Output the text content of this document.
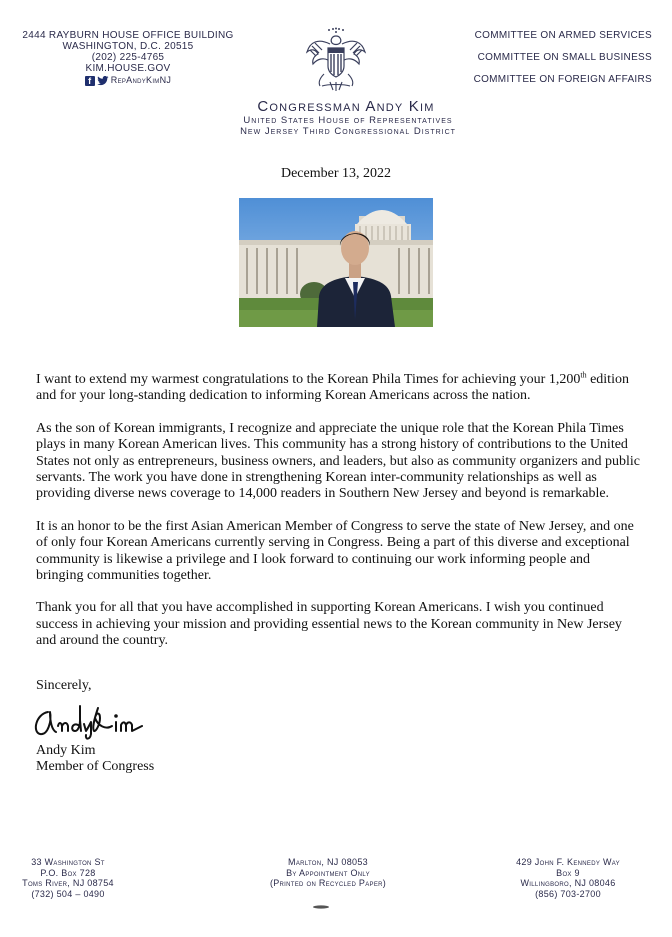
2444 RAYBURN HOUSE OFFICE BUILDING
WASHINGTON, D.C. 20515
(202) 225-4765
KIM.HOUSE.GOV
f	RepAndyKimNJ
COMMITTEE ON ARMED SERVICES
COMMITTEE ON SMALL BUSINESS
COMMITTEE ON FOREIGN AFFAIRS
Congressman Andy Kim
United States House of Representatives
New Jersey Third Congressional District
December 13, 2022

I want to extend my warmest congratulations to the Korean Phila Times for achieving your 1,200th edition and for your long-standing dedication to informing Korean Americans across the nation.

As the son of Korean immigrants, I recognize and appreciate the unique role that the Korean Phila Times plays in many Korean American lives. This community has a strong history of contributions to the United States not only as entrepreneurs, business owners, and leaders, but also as community organizers and public servants. The work you have done in strengthening Korean inter-community relationships as well as providing diverse news coverage to 14,000 readers in Southern New Jersey and beyond is remarkable.

It is an honor to be the first Asian American Member of Congress to serve the state of New Jersey, and one of only four Korean Americans currently serving in Congress. Being a part of this diverse and exceptional community is likewise a privilege and I look forward to continuing our work informing people and bringing communities together.

Thank you for all that you have accomplished in supporting Korean Americans. I wish you continued success in achieving your mission and providing essential news to the Korean community in New Jersey and around the country.

Sincerely,
Andy Kim
Member of Congress
33 Washington St
P.O. Box 728
Toms River, NJ 08754
(732) 504 – 0490
Marlton, NJ 08053
By Appointment Only
(Printed on Recycled Paper)
429 John F. Kennedy Way
Box 9
Willingboro, NJ 08046
(856) 703-2700
